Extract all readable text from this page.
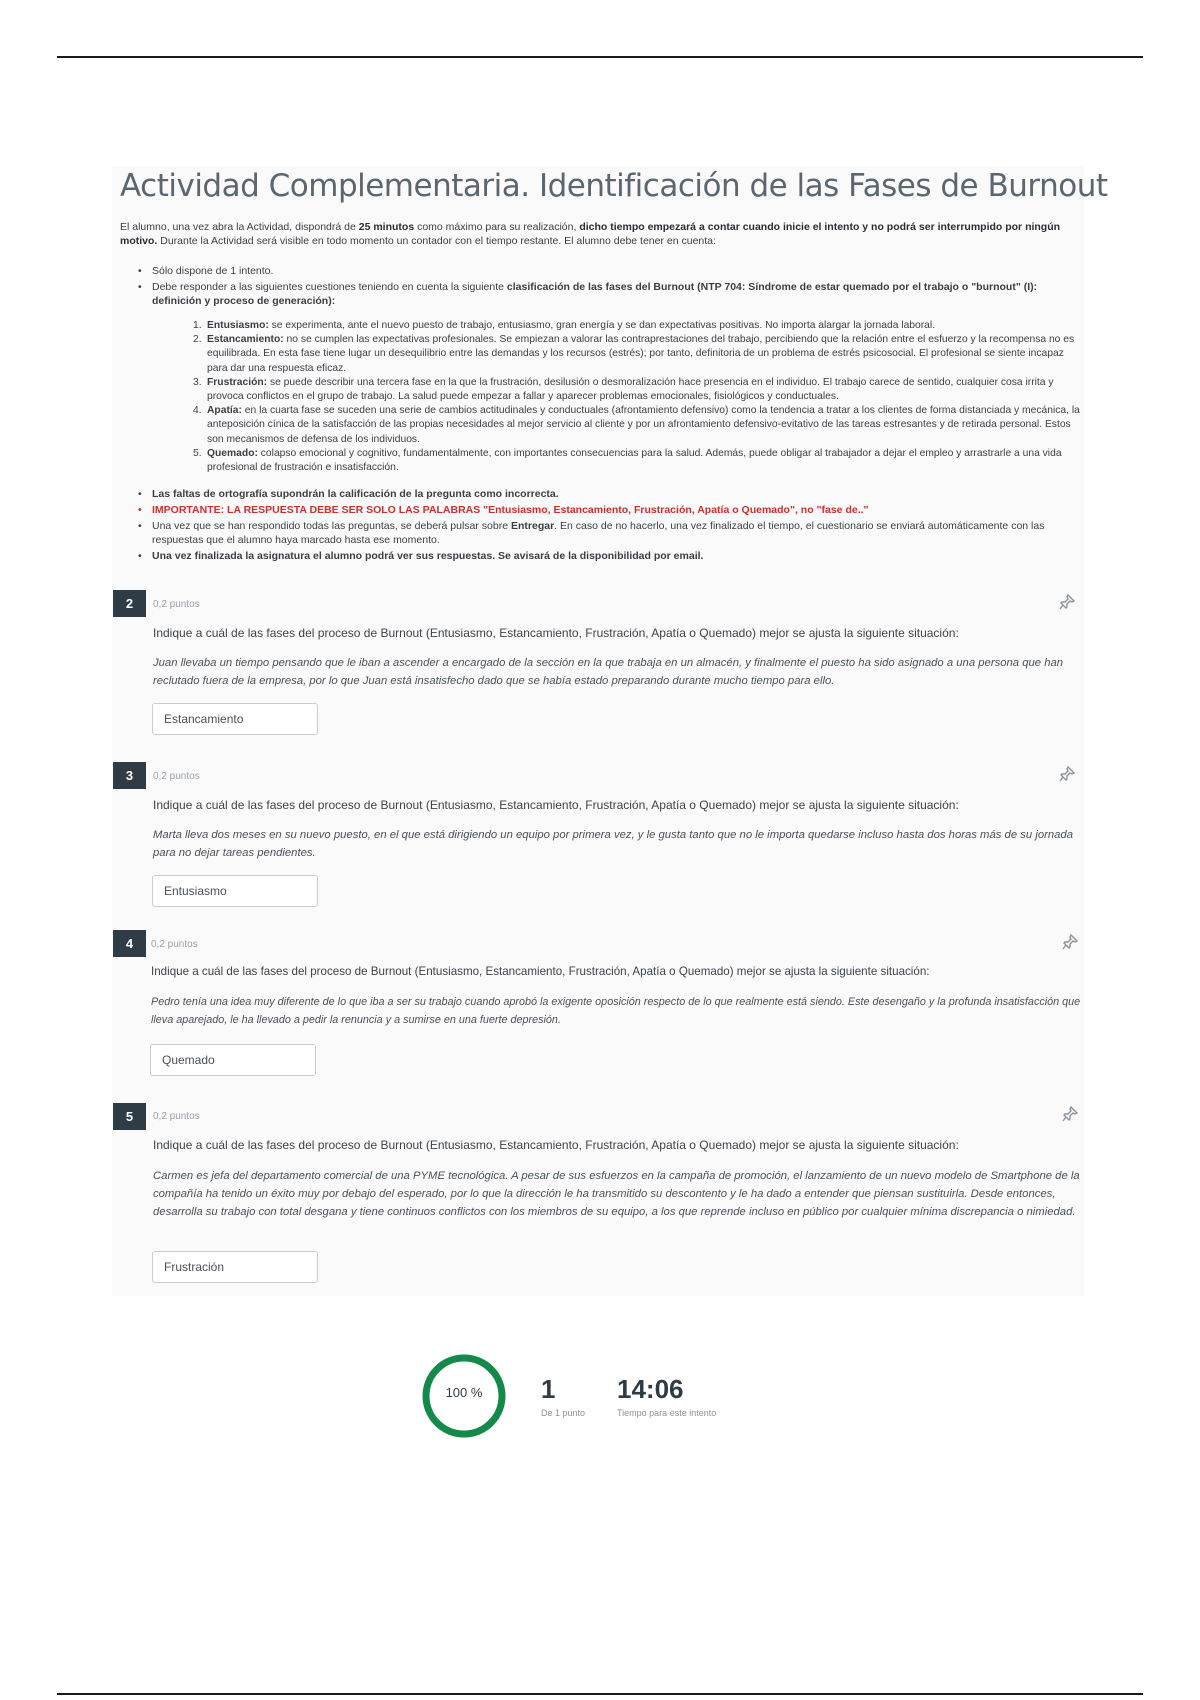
Actividad Complementaria. Identificación de las Fases de Burnout

El alumno, una vez abra la Actividad, dispondrá de 25 minutos como máximo para su realización, dicho tiempo empezará a contar cuando inicie el intento y no podrá ser interrumpido por ningún motivo. Durante la Actividad será visible en todo momento un contador con el tiempo restante. El alumno debe tener en cuenta:

• Sólo dispone de 1 intento.
• Debe responder a las siguientes cuestiones teniendo en cuenta la siguiente clasificación de las fases del Burnout (NTP 704: Síndrome de estar quemado por el trabajo o "burnout" (I): definición y proceso de generación):
1. Entusiasmo: se experimenta, ante el nuevo puesto de trabajo, entusiasmo, gran energía y se dan expectativas positivas. No importa alargar la jornada laboral.
2. Estancamiento: no se cumplen las expectativas profesionales. Se empiezan a valorar las contraprestaciones del trabajo, percibiendo que la relación entre el esfuerzo y la recompensa no es equilibrada. En esta fase tiene lugar un desequilibrio entre las demandas y los recursos (estrés); por tanto, definitoria de un problema de estrés psicosocial. El profesional se siente incapaz para dar una respuesta eficaz.
3. Frustración: se puede describir una tercera fase en la que la frustración, desilusión o desmoralización hace presencia en el individuo. El trabajo carece de sentido, cualquier cosa irrita y provoca conflictos en el grupo de trabajo. La salud puede empezar a fallar y aparecer problemas emocionales, fisiológicos y conductuales.
4. Apatía: en la cuarta fase se suceden una serie de cambios actitudinales y conductuales (afrontamiento defensivo) como la tendencia a tratar a los clientes de forma distanciada y mecánica, la anteposición cínica de la satisfacción de las propias necesidades al mejor servicio al cliente y por un afrontamiento defensivo-evitativo de las tareas estresantes y de retirada personal. Estos son mecanismos de defensa de los individuos.
5. Quemado: colapso emocional y cognitivo, fundamentalmente, con importantes consecuencias para la salud. Además, puede obligar al trabajador a dejar el empleo y arrastrarle a una vida profesional de frustración e insatisfacción.
• Las faltas de ortografía supondrán la calificación de la pregunta como incorrecta.
• IMPORTANTE: LA RESPUESTA DEBE SER SOLO LAS PALABRAS "Entusiasmo, Estancamiento, Frustración, Apatía o Quemado", no "fase de.."
• Una vez que se han respondido todas las preguntas, se deberá pulsar sobre Entregar. En caso de no hacerlo, una vez finalizado el tiempo, el cuestionario se enviará automáticamente con las respuestas que el alumno haya marcado hasta ese momento.
• Una vez finalizada la asignatura el alumno podrá ver sus respuestas. Se avisará de la disponibilidad por email.
2	0,2 puntos
Indique a cuál de las fases del proceso de Burnout (Entusiasmo, Estancamiento, Frustración, Apatía o Quemado) mejor se ajusta la siguiente situación:
Juan llevaba un tiempo pensando que le iban a ascender a encargado de la sección en la que trabaja en un almacén, y finalmente el puesto ha sido asignado a una persona que han reclutado fuera de la empresa, por lo que Juan está insatisfecho dado que se había estado preparando durante mucho tiempo para ello.
Estancamiento
3	0,2 puntos
Indique a cuál de las fases del proceso de Burnout (Entusiasmo, Estancamiento, Frustración, Apatía o Quemado) mejor se ajusta la siguiente situación:
Marta lleva dos meses en su nuevo puesto, en el que está dirigiendo un equipo por primera vez, y le gusta tanto que no le importa quedarse incluso hasta dos horas más de su jornada para no dejar tareas pendientes.
Entusiasmo
4	0,2 puntos
Indique a cuál de las fases del proceso de Burnout (Entusiasmo, Estancamiento, Frustración, Apatía o Quemado) mejor se ajusta la siguiente situación:
Pedro tenía una idea muy diferente de lo que iba a ser su trabajo cuando aprobó la exigente oposición respecto de lo que realmente está siendo. Este desengaño y la profunda insatisfacción que lleva aparejado, le ha llevado a pedir la renuncia y a sumirse en una fuerte depresión.
Quemado
5	0,2 puntos
Indique a cuál de las fases del proceso de Burnout (Entusiasmo, Estancamiento, Frustración, Apatía o Quemado) mejor se ajusta la siguiente situación:
Carmen es jefa del departamento comercial de una PYME tecnológica. A pesar de sus esfuerzos en la campaña de promoción, el lanzamiento de un nuevo modelo de Smartphone de la compañía ha tenido un éxito muy por debajo del esperado, por lo que la dirección le ha transmitido su descontento y le ha dado a entender que piensan sustituirla. Desde entonces, desarrolla su trabajo con total desgana y tiene continuos conflictos con los miembros de su equipo, a los que reprende incluso en público por cualquier mínima discrepancia o nimiedad.
Frustración
100 %	1
De 1 punto
14:06
Tiempo para este intento
